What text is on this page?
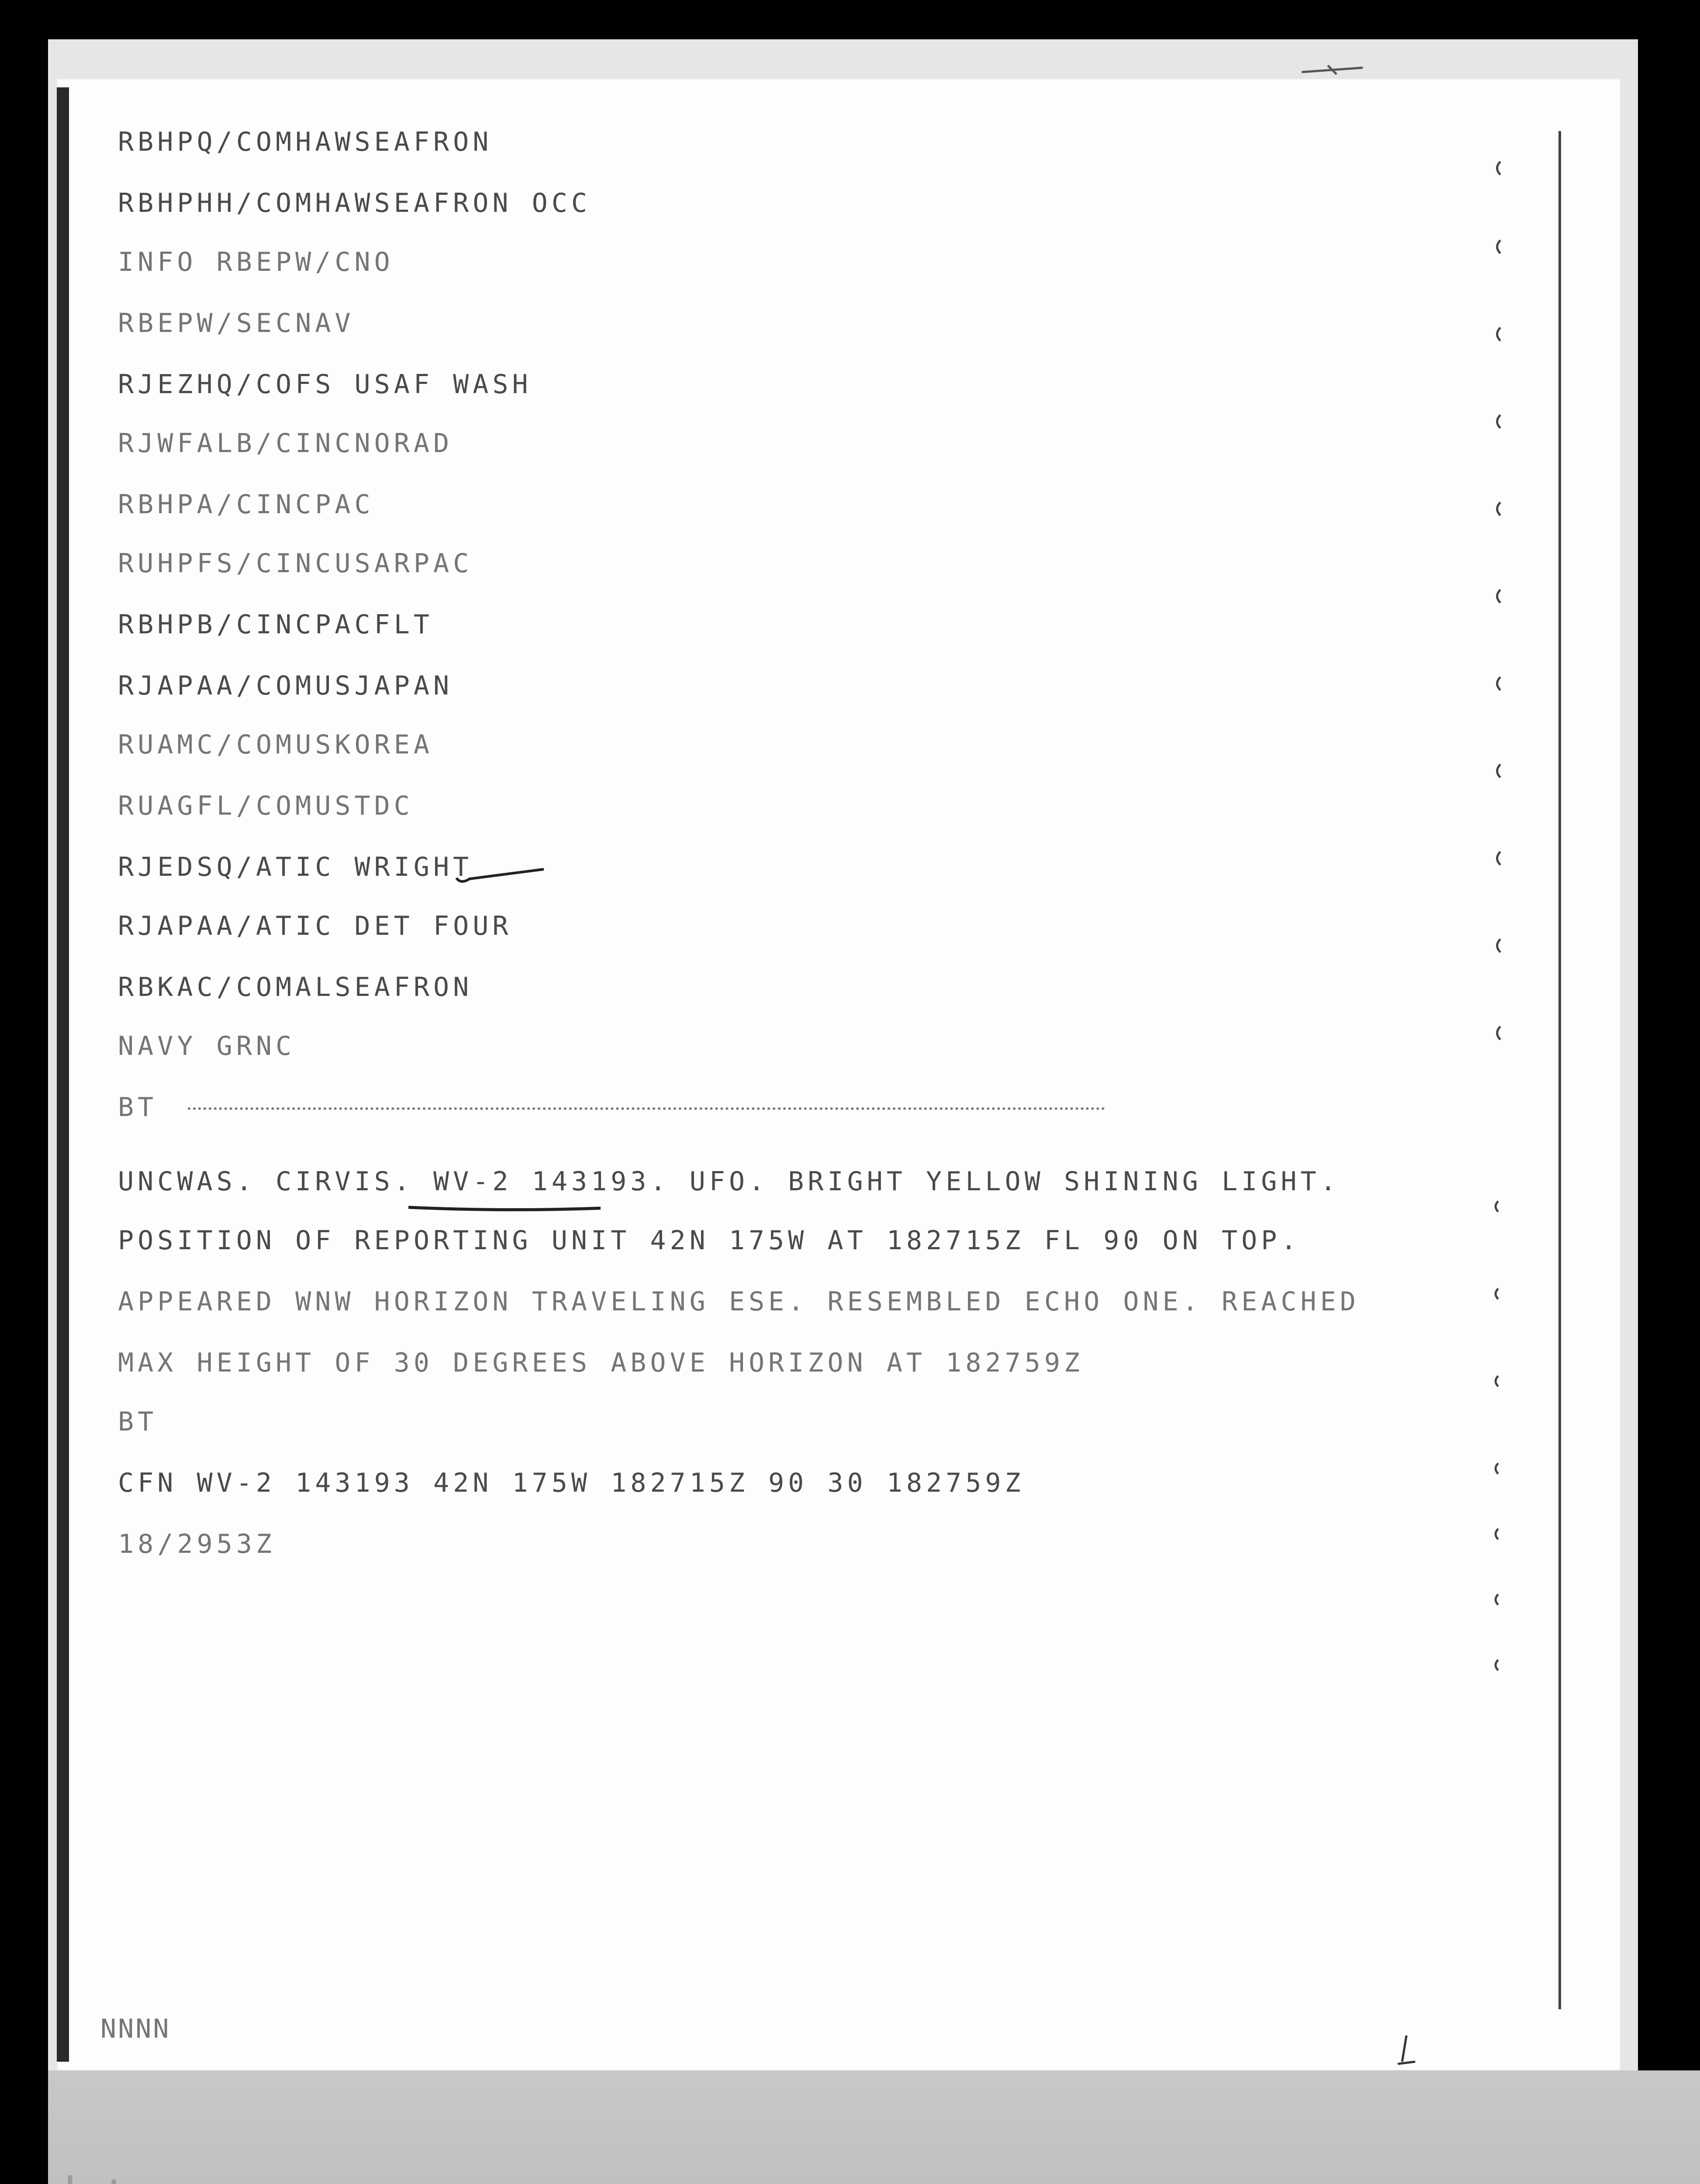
RBHPQ/COMHAWSEAFRON
RBHPHH/COMHAWSEAFRON OCC
INFO RBEPW/CNO
RBEPW/SECNAV
RJEZHQ/COFS USAF WASH
RJWFALB/CINCNORAD
RBHPA/CINCPAC
RUHPFS/CINCUSARPAC
RBHPB/CINCPACFLT
RJAPAA/COMUSJAPAN
RUAMC/COMUSKOREA
RUAGFL/COMUSTDC
RJEDSQ/ATIC WRIGHT
RJAPAA/ATIC DET FOUR
RBKAC/COMALSEAFRON
NAVY GRNC
BT
UNCWAS. CIRVIS. WV-2 143193. UFO. BRIGHT YELLOW SHINING LIGHT.
POSITION OF REPORTING UNIT 42N 175W AT 182715Z FL 90 ON TOP.
APPEARED WNW HORIZON TRAVELING ESE. RESEMBLED ECHO ONE. REACHED
MAX HEIGHT OF 30 DEGREES ABOVE HORIZON AT 182759Z
BT
CFN WV-2 143193 42N 175W 182715Z 90 30 182759Z
18/2953Z
NNNN
